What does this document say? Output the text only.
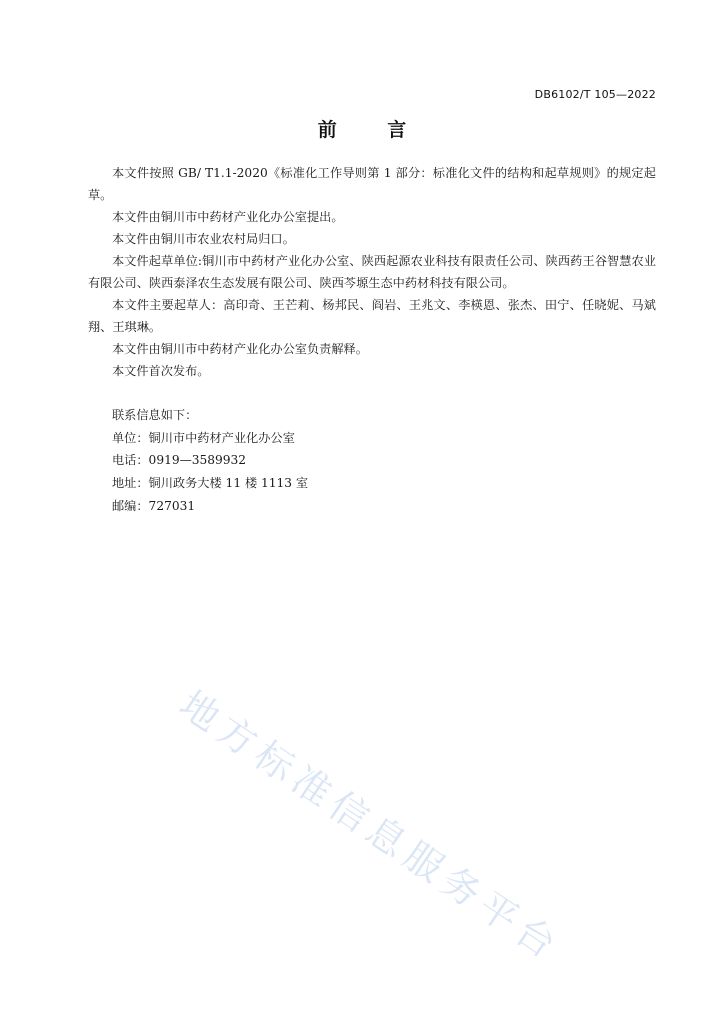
DB6102/T 105—2022
前 言

本文件按照 GB/ T1.1-2020《标准化工作导则第 1 部分：标准化文件的结构和起草规则》的规定起草。

本文件由铜川市中药材产业化办公室提出。

本文件由铜川市农业农村局归口。

本文件起草单位:铜川市中药材产业化办公室、陕西起源农业科技有限责任公司、陕西药王谷智慧农业有限公司、陕西泰泽农生态发展有限公司、陕西芩塬生态中药材科技有限公司。

本文件主要起草人：高印奇、王芒莉、杨邦民、阎岩、王兆文、李楧恩、张杰、田宁、任晓妮、马斌翔、王琪琳。

本文件由铜川市中药材产业化办公室负责解释。

本文件首次发布。

联系信息如下：
单位：铜川市中药材产业化办公室
电话：0919—3589932
地址：铜川政务大楼 11 楼 1113 室
邮编：727031
地方标准信息服务平台
